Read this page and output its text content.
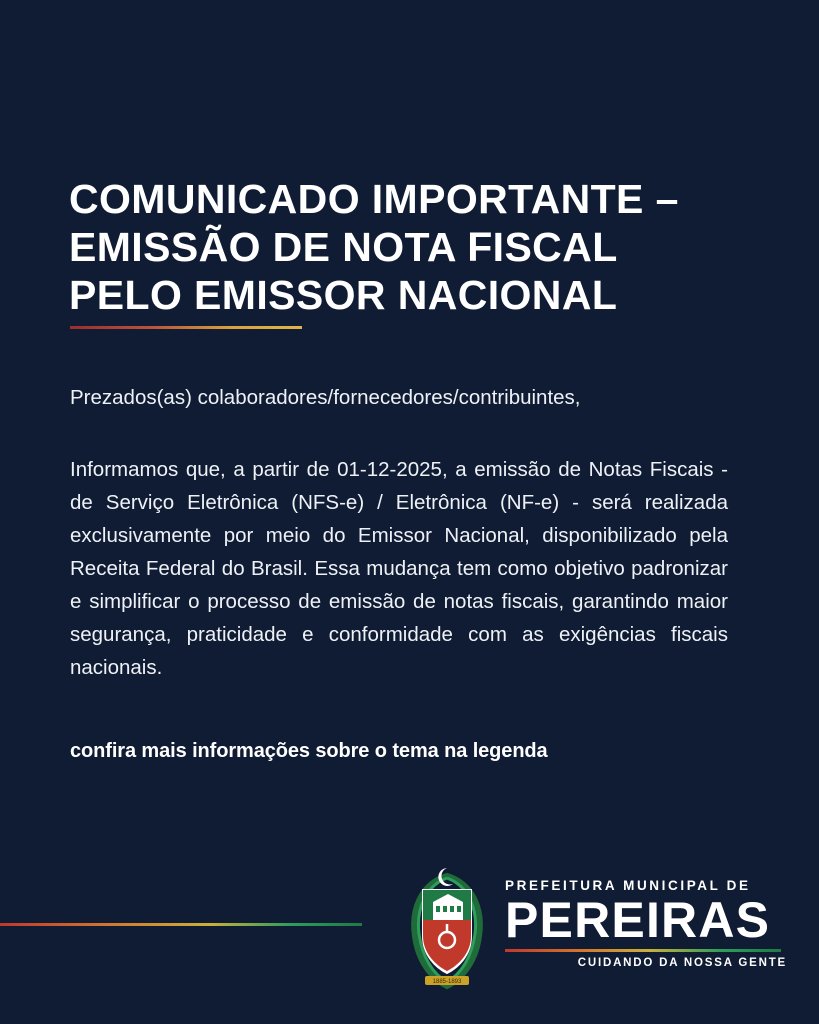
COMUNICADO IMPORTANTE –
EMISSÃO DE NOTA FISCAL
PELO EMISSOR NACIONAL

Prezados(as) colaboradores/fornecedores/contribuintes,

Informamos que, a partir de 01-12-2025, a emissão de Notas Fiscais - de Serviço Eletrônica (NFS-e) / Eletrônica (NF-e) - será realizada exclusivamente por meio do Emissor Nacional, disponibilizado pela Receita Federal do Brasil. Essa mudança tem como objetivo padronizar e simplificar o processo de emissão de notas fiscais, garantindo maior segurança, praticidade e conformidade com as exigências fiscais nacionais.

confira mais informações sobre o tema na legenda

1885-1893
PREFEITURA MUNICIPAL DE
PEREIRAS
CUIDANDO DA NOSSA GENTE
